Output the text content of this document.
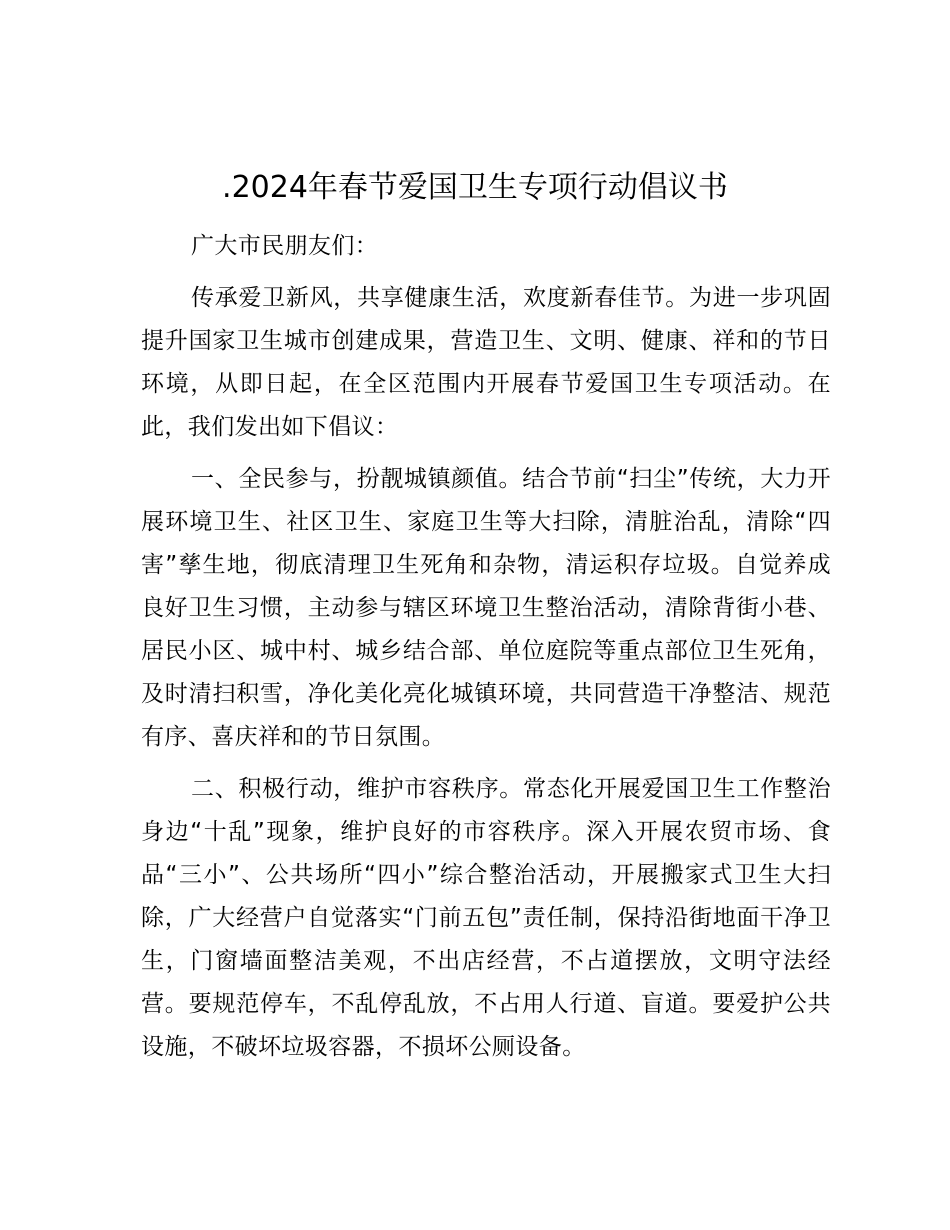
.2024年春节爱国卫生专项行动倡议书

广大市民朋友们：

传承爱卫新风，共享健康生活，欢度新春佳节。为进一步巩固提升国家卫生城市创建成果，营造卫生、文明、健康、祥和的节日环境，从即日起，在全区范围内开展春节爱国卫生专项活动。在此，我们发出如下倡议：

一、全民参与，扮靓城镇颜值。结合节前“扫尘”传统，大力开展环境卫生、社区卫生、家庭卫生等大扫除，清脏治乱，清除“四害”孳生地，彻底清理卫生死角和杂物，清运积存垃圾。自觉养成良好卫生习惯，主动参与辖区环境卫生整治活动，清除背街小巷、居民小区、城中村、城乡结合部、单位庭院等重点部位卫生死角，及时清扫积雪，净化美化亮化城镇环境，共同营造干净整洁、规范有序、喜庆祥和的节日氛围。

二、积极行动，维护市容秩序。常态化开展爱国卫生工作整治身边“十乱”现象，维护良好的市容秩序。深入开展农贸市场、食品“三小”、公共场所“四小”综合整治活动，开展搬家式卫生大扫除，广大经营户自觉落实“门前五包”责任制，保持沿街地面干净卫生，门窗墙面整洁美观，不出店经营，不占道摆放，文明守法经营。要规范停车，不乱停乱放，不占用人行道、盲道。要爱护公共设施，不破坏垃圾容器，不损坏公厕设备。
